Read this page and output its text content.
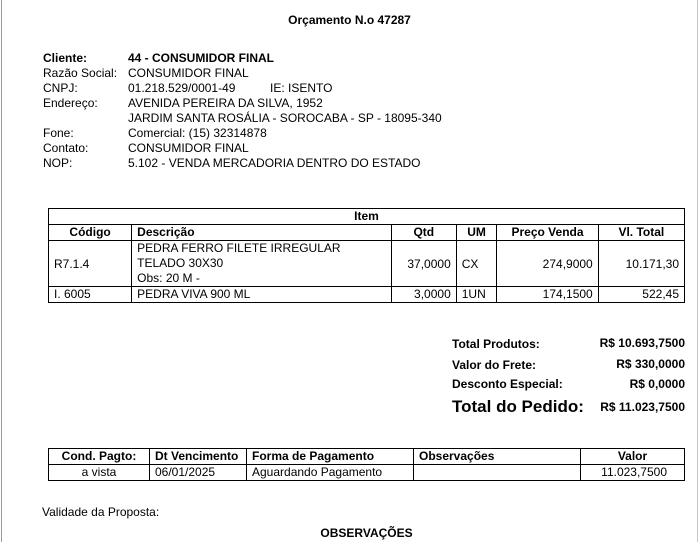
Orçamento N.o 47287
Cliente:	44 - CONSUMIDOR FINAL
Razão Social: CONSUMIDOR FINAL
CNPJ:	01.218.529/0001-49	IE: ISENTO
Endereço:	AVENIDA PEREIRA DA SILVA, 1952
JARDIM SANTA ROSÁLIA - SOROCABA - SP - 18095-340
Fone:	Comercial: (15) 32314878
Contato:	CONSUMIDOR FINAL
NOP:	5.102 - VENDA MERCADORIA DENTRO DO ESTADO
Item					
Código	Descrição	Qtd	UM	Preço Venda	Vl. Total
R7.1.4	PEDRA FERRO FILETE IRREGULAR
TELADO 30X30
Obs: 20 M -	37,0000	CX	274,9000	10.171,30
I. 6005	PEDRA VIVA 900 ML	3,0000	1UN	174,1500	522,45
Total Produtos:	R$ 10.693,7500
Valor do Frete:	R$ 330,0000
Desconto Especial:	R$ 0,0000
Total do Pedido:	R$ 11.023,7500
Cond. Pagto:	Dt Vencimento	Forma de Pagamento	Observações	Valor
a vista	06/01/2025	Aguardando Pagamento		11.023,7500
Validade da Proposta:
OBSERVAÇÕES
